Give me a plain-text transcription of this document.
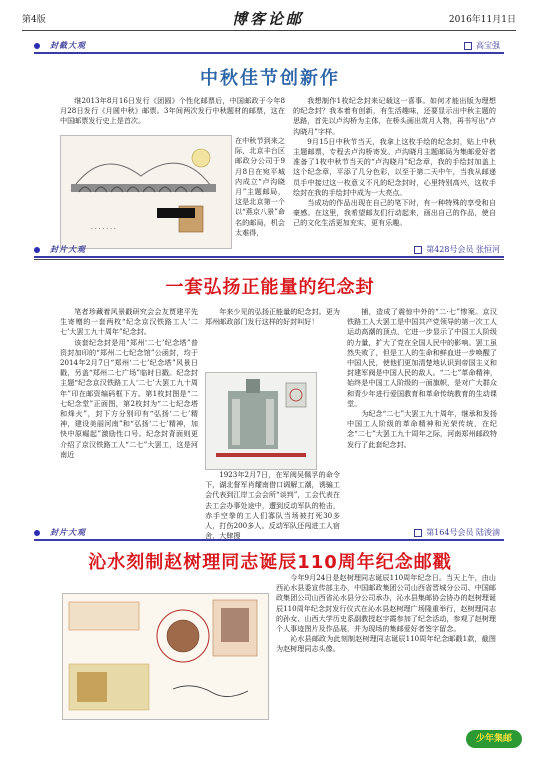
第4版	博客论邮	2016年11月1日
封截大观	高宝强
中秋佳节创新作

继2013年8月16日发行《团圆》个性化邮票后，中国邮政于今年8月28日发行《月圆中秋》邮票。3年间两次发行中秋题材的邮票，这在中国邮票发行史上是首次。

在中秋节到来之际，北京丰台区邮政分公司于9月8日在宛平城内成立“卢沟晓月”主题邮局，这是北京第一个以“燕京八景”命名的邮局，机会太难得，

我想制作1枚纪念封来记载这一喜事。如何才能出版为理想的纪念封？我本着有创新，有生活趣味，还要显示出中秋主题的思路，首先以卢沟桥为主体，在桥头画出赏月人物，再书写出“卢沟晓月”字样。

9月15日中秋节当天，我拿上这枚手绘的纪念封，贴上中秋主题邮票，专程去卢沟桥寄发。卢沟晓月主题邮局为集邮爱好者准备了1枚中秋节当天的“卢沟晓月”纪念章，我的手绘封加盖上这个纪念章，平添了几分色彩，以至于第二天中午，当我从邮递员手中接过这一枚意义不凡的纪念封时，心里特别高兴，这枚手绘封在我的手绘封中成为一大亮点。

当成功的作品出现在自己的笔下时，有一种特殊的享受和自豪感。在这里，我希望邮友们行动起来，画出自己的作品，使自己的文化生活更加充实，更有乐趣。

· · · · · · ·
封片大观	第428号会员 张恒河
一套弘扬正能量的纪念封

笔者珍藏着风景戳研究会会友贾建平先生寄赠的一套两枚“纪念京汉铁路工人‘二七’大罢工九十周年”纪念封。

该套纪念封是用“郑州‘二七’纪念塔”普资封加印的“郑州二七纪念馆”公函封，均于2014年2月7日“郑州‘二七’纪念塔”风景日戳，另盖“郑州二七广场”临时日戳。纪念封主题“纪念京汉铁路工人‘二七’大罢工九十周年”印在邮资编码框下方。第1枚封图是“二七纪念堂”正面图，第2枚封为“二七纪念塔和烽火”，封下方分别印有“弘扬‘二七’精神，建设美丽河南”和“弘扬‘二七’精神，加快中原崛起”激励性口号。纪念封背面则更介绍了京汉铁路工人“二七”大罢工，这是河南近

年来少见的弘扬正能量的纪念封。更为郑州邮政部门发行这样的好封叫好！

1923年2月7日，在军阀吴佩孚的命令下，湖北督军肖耀南借口调解工潮，诱骗工会代表到江岸工会会所“谈判”，工会代表在去工会办事处途中，遭到反动军队的枪击，赤手空拳的工人们寡队当场被打死30多人，打伤200多人。反动军队还闯进工人宿舍，大肆搜

捕，造成了震惊中外的“二·七”惨案。京汉铁路工人大罢工是中国共产党领导的第一次工人运动高潮的顶点，它进一步显示了中国工人阶级的力量，扩大了党在全国人民中的影响。罢工虽然失败了，但是工人的生命和鲜血进一步唤醒了中国人民，使他们更加清楚地认识到帝国主义和封建军阀是中国人民的敌人。“二七”革命精神，始终是中国工人阶级的一面旗帜，是对广大群众和青少年进行爱国教育和革命传统教育的生动课堂。

为纪念“二七”大罢工九十周年，继承和发扬中国工人阶级的革命精神和光荣传统，在纪念“二七”大罢工九十周年之际，河南郑州邮政特发行了此套纪念封。

封片大观	第164号会员 陆浚湳
沁水刻制赵树理同志诞辰110周年纪念邮戳

今年9月24日是赵树理同志诞辰110周年纪念日。当天上午，由山西沁水县委宣传部主办，中国邮政集团公司山西省晋城分公司、中国邮政集团公司山西省沁水县分公司承办，沁水县集邮协会协办的赵树理诞辰110周年纪念封发行仪式在沁水县赵树理广场隆重举行，赵树理同志的孙女、山西大学历史系副教授赵宇霞参加了纪念活动，参观了赵树理个人事迹图片及作品展，并为现场的集邮爱好者签字留念。

沁水县邮政为此刻制赵树理同志诞辰110周年纪念邮戳1款，截图为赵树理同志头像。

少年集邮
